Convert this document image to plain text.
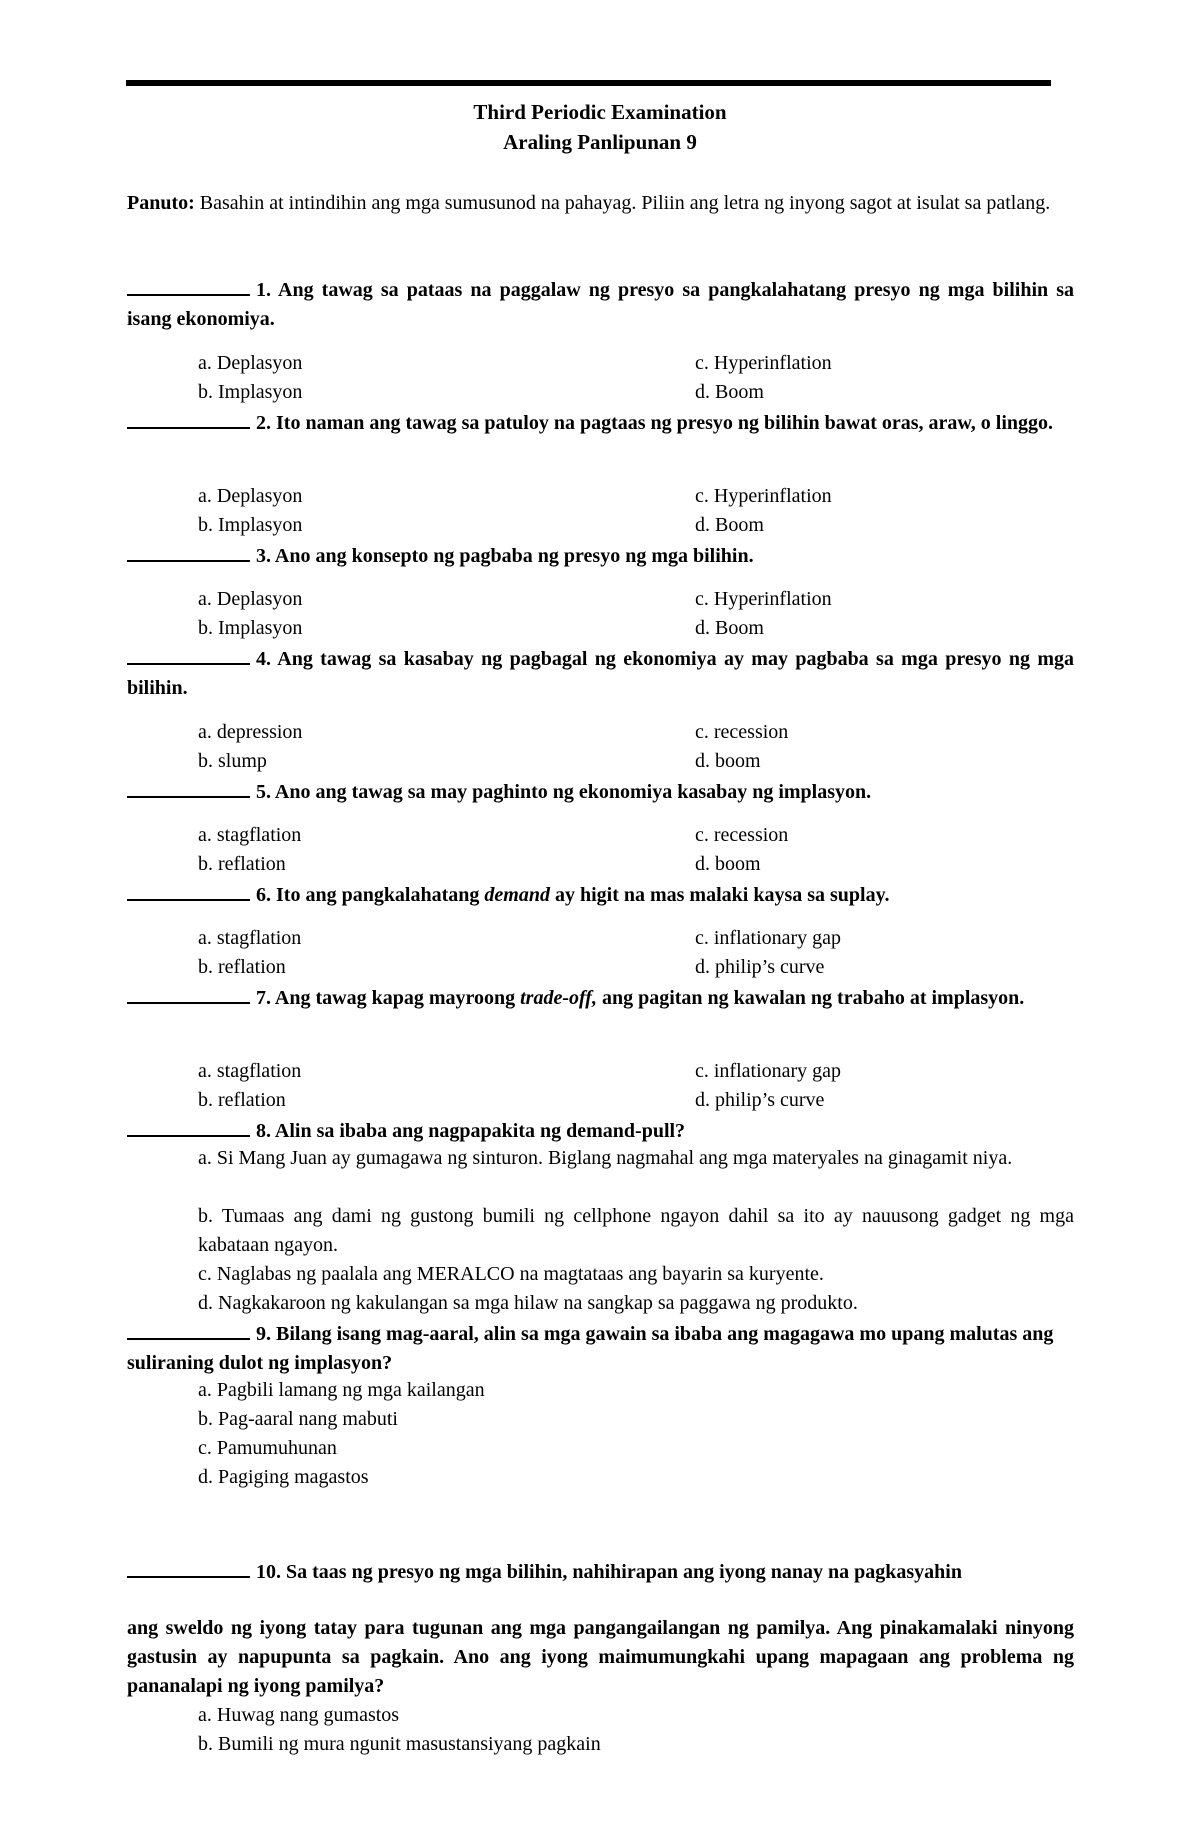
Third Periodic Examination
Araling Panlipunan 9
Panuto: Basahin at intindihin ang mga sumusunod na pahayag. Piliin ang letra ng inyong sagot at isulat sa patlang.
1. Ang tawag sa pataas na paggalaw ng presyo sa pangkalahatang presyo ng mga bilihin sa isang ekonomiya.
a. Deplasyon
b. Implasyon
c. Hyperinflation
d. Boom
2. Ito naman ang tawag sa patuloy na pagtaas ng presyo ng bilihin bawat oras, araw, o linggo.
a. Deplasyon
b. Implasyon
c. Hyperinflation
d. Boom
3. Ano ang konsepto ng pagbaba ng presyo ng mga bilihin.
a. Deplasyon
b. Implasyon
c. Hyperinflation
d. Boom
4. Ang tawag sa kasabay ng pagbagal ng ekonomiya ay may pagbaba sa mga presyo ng mga bilihin.
a. depression
b. slump
c. recession
d. boom
5. Ano ang tawag sa may paghinto ng ekonomiya kasabay ng implasyon.
a. stagflation
b. reflation
c. recession
d. boom
6. Ito ang pangkalahatang demand ay higit na mas malaki kaysa sa suplay.
a. stagflation
b. reflation
c. inflationary gap
d. philip’s curve
7. Ang tawag kapag mayroong trade-off, ang pagitan ng kawalan ng trabaho at implasyon.
a. stagflation
b. reflation
c. inflationary gap
d. philip’s curve
8. Alin sa ibaba ang nagpapakita ng demand-pull?
a. Si Mang Juan ay gumagawa ng sinturon. Biglang nagmahal ang mga materyales na ginagamit niya.
b. Tumaas ang dami ng gustong bumili ng cellphone ngayon dahil sa ito ay nauusong gadget ng mga kabataan ngayon.
c. Naglabas ng paalala ang MERALCO na magtataas ang bayarin sa kuryente.
d. Nagkakaroon ng kakulangan sa mga hilaw na sangkap sa paggawa ng produkto.
9. Bilang isang mag-aaral, alin sa mga gawain sa ibaba ang magagawa mo upang malutas ang suliraning dulot ng implasyon?
a. Pagbili lamang ng mga kailangan
b. Pag-aaral nang mabuti
c. Pamumuhunan
d. Pagiging magastos
10. Sa taas ng presyo ng mga bilihin, nahihirapan ang iyong nanay na pagkasyahin
ang sweldo ng iyong tatay para tugunan ang mga pangangailangan ng pamilya. Ang pinakamalaki ninyong gastusin ay napupunta sa pagkain. Ano ang iyong maimumungkahi upang mapagaan ang problema ng pananalapi ng iyong pamilya?
a. Huwag nang gumastos
b. Bumili ng mura ngunit masustansiyang pagkain
